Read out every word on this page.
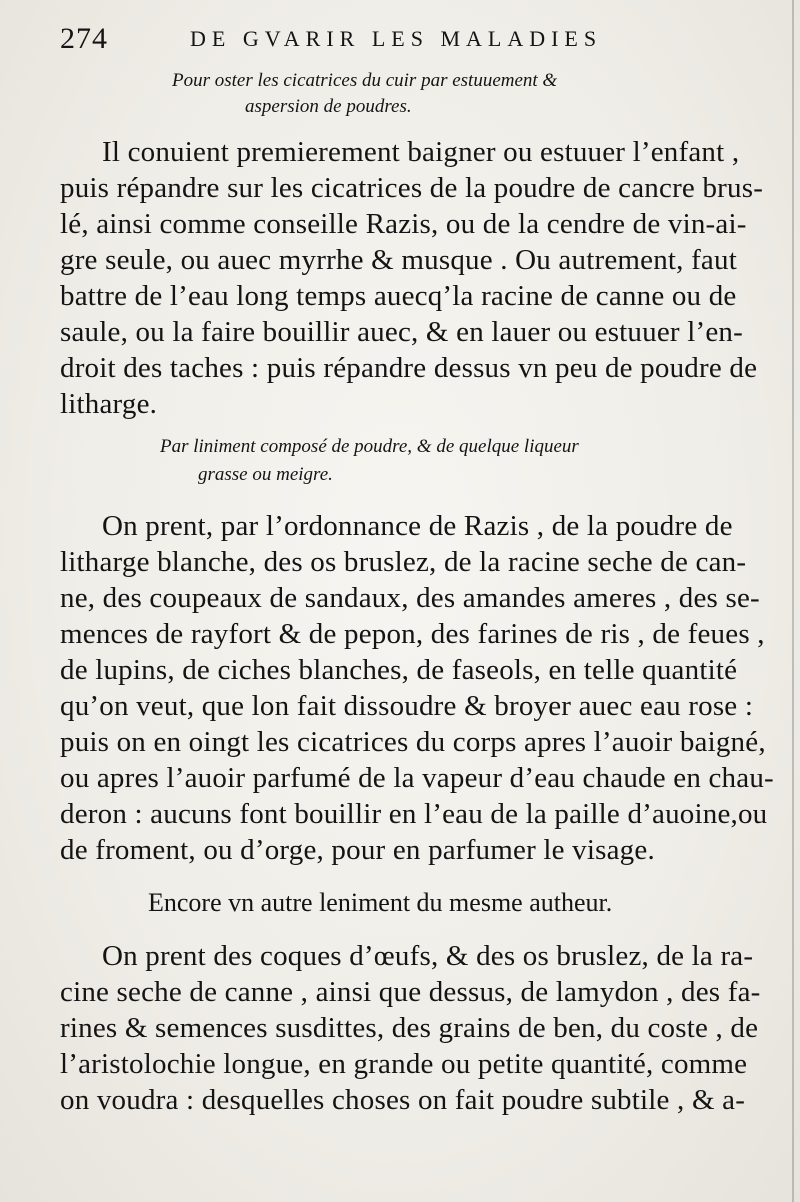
274	DE GVARIR LES MALADIES
Pour oster les cicatrices du cuir par estuuement &
aspersion de poudres.
Il conuient premierement baigner ou estuuer l’enfant ,
puis répandre sur les cicatrices de la poudre de cancre brus-
lé, ainsi comme conseille Razis, ou de la cendre de vin-ai-
gre seule, ou auec myrrhe & musque . Ou autrement, faut
battre de l’eau long temps auecq’la racine de canne ou de
saule, ou la faire bouillir auec, & en lauer ou estuuer l’en-
droit des taches : puis répandre dessus vn peu de poudre de
litharge.
Par liniment composé de poudre, & de quelque liqueur
grasse ou meigre.
On prent, par l’ordonnance de Razis , de la poudre de
litharge blanche, des os bruslez, de la racine seche de can-
ne, des coupeaux de sandaux, des amandes ameres , des se-
mences de rayfort & de pepon, des farines de ris , de feues ,
de lupins, de ciches blanches, de faseols, en telle quantité
qu’on veut, que lon fait dissoudre & broyer auec eau rose :
puis on en oingt les cicatrices du corps apres l’auoir baigné,
ou apres l’auoir parfumé de la vapeur d’eau chaude en chau-
deron : aucuns font bouillir en l’eau de la paille d’auoine,ou
de froment, ou d’orge, pour en parfumer le visage.
Encore vn autre leniment du mesme autheur.
On prent des coques d’œufs, & des os bruslez, de la ra-
cine seche de canne , ainsi que dessus, de lamydon , des fa-
rines & semences susdittes, des grains de ben, du coste , de
l’aristolochie longue, en grande ou petite quantité, comme
on voudra : desquelles choses on fait poudre subtile , & a-
